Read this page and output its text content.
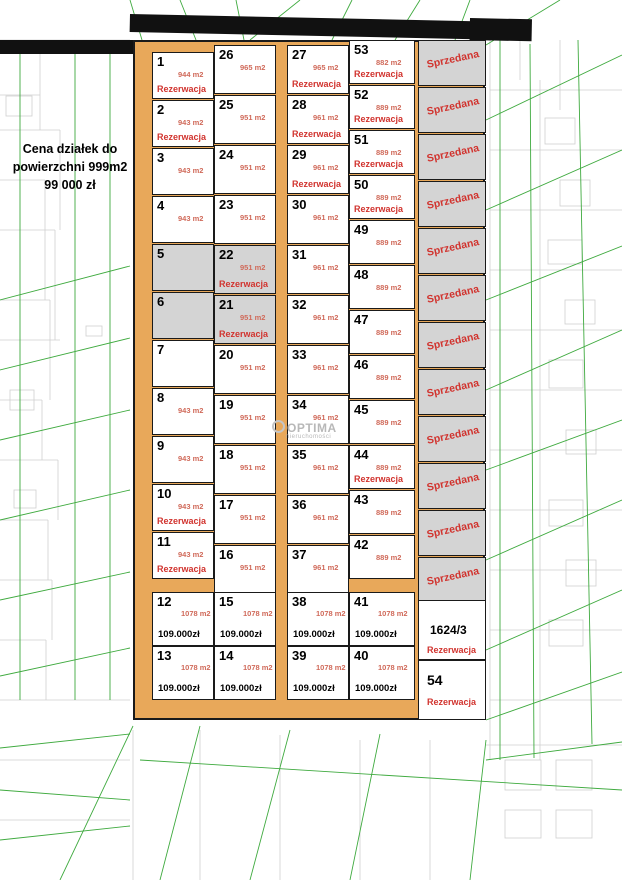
Cena działek do
powierzchni 999m2
99 000 zł
1
944 m2
Rezerwacja
2
943 m2
Rezerwacja
3
943 m2
4
943 m2
5
6
7
8
943 m2
9
943 m2
10
943 m2
Rezerwacja
11
943 m2
Rezerwacja
26
965 m2
25
951 m2
24
951 m2
23
951 m2
22
951 m2
Rezerwacja
21
951 m2
Rezerwacja
20
951 m2
19
951 m2
18
951 m2
17
951 m2
16
951 m2
27
965 m2
Rezerwacja
28
961 m2
Rezerwacja
29
961 m2
Rezerwacja
30
961 m2
31
961 m2
32
961 m2
33
961 m2
34
961 m2
35
961 m2
36
961 m2
37
961 m2
53
882 m2
Rezerwacja
52
889 m2
Rezerwacja
51
889 m2
Rezerwacja
50
889 m2
Rezerwacja
49
889 m2
48
889 m2
47
889 m2
46
889 m2
45
889 m2
44
889 m2
Rezerwacja
43
889 m2
42
889 m2
Sprzedana
Sprzedana
Sprzedana
Sprzedana
Sprzedana
Sprzedana
Sprzedana
Sprzedana
Sprzedana
Sprzedana
Sprzedana
Sprzedana
12
1078 m2
109.000zł
15
1078 m2
109.000zł
13
1078 m2
109.000zł
14
1078 m2
109.000zł
38
1078 m2
109.000zł
41
1078 m2
109.000zł
39
1078 m2
109.000zł
40
1078 m2
109.000zł
1624/3
Rezerwacja
54
Rezerwacja
OPTIMA
nieruchomości
